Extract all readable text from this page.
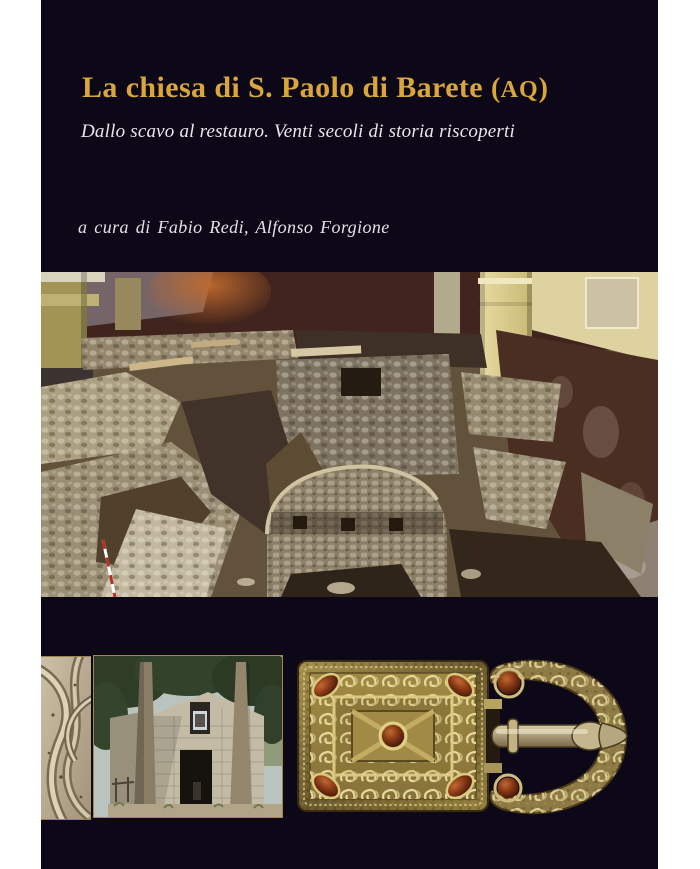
La chiesa di S. Paolo di Barete (AQ)
Dallo scavo al restauro. Venti secoli di storia riscoperti
a cura di Fabio Redi, Alfonso Forgione
